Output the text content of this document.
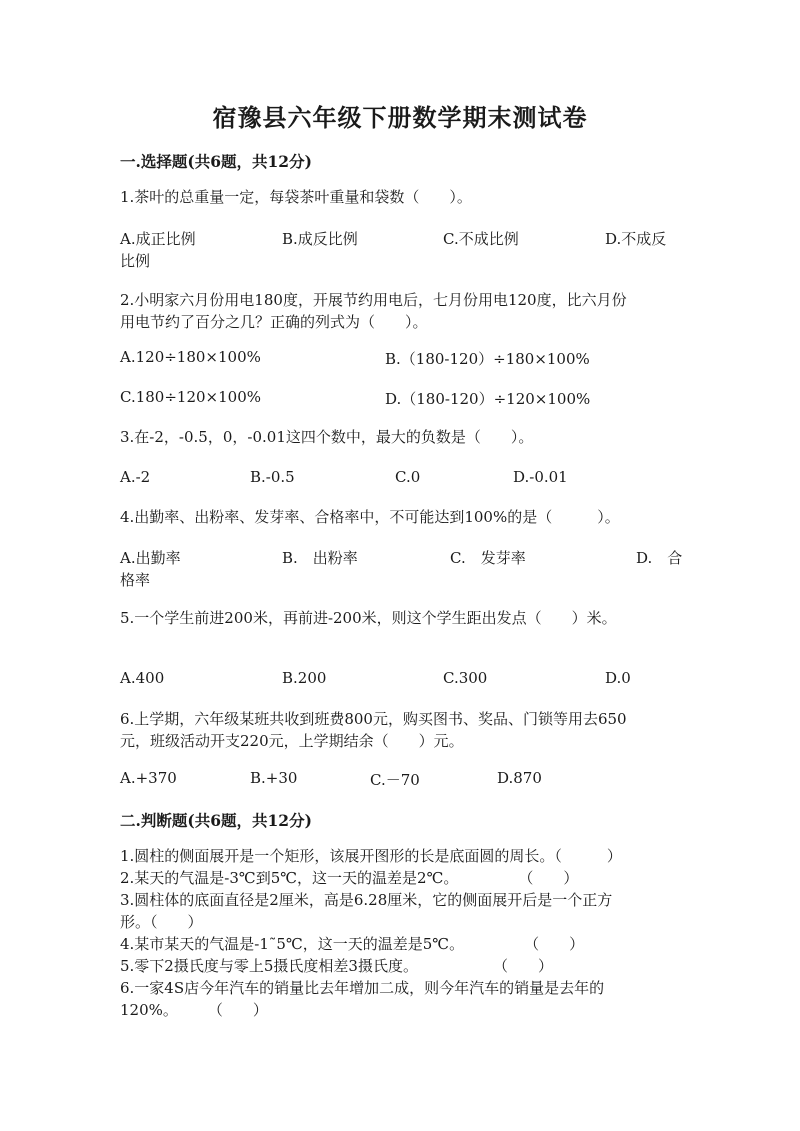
宿豫县六年级下册数学期末测试卷
一.选择题(共6题，共12分)
1.茶叶的总重量一定，每袋茶叶重量和袋数（　　）。
A.成正比例	B.成反比例	C.不成比例	D.不成反
比例
2.小明家六月份用电180度，开展节约用电后，七月份用电120度，比六月份
用电节约了百分之几？正确的列式为（　　）。
A.120÷180×100%	B.（180-120）÷180×100%
C.180÷120×100%	D.（180-120）÷120×100%
3.在-2，-0.5，0，-0.01这四个数中，最大的负数是（　　）。
A.-2	B.-0.5	C.0	D.-0.01
4.出勤率、出粉率、发芽率、合格率中，不可能达到100%的是（　　　）。
A.出勤率	B.　出粉率	C.　发芽率	D.　合
格率
5.一个学生前进200米，再前进-200米，则这个学生距出发点（　　）米。
A.400	B.200	C.300	D.0
6.上学期，六年级某班共收到班费800元，购买图书、奖品、门锁等用去650
元，班级活动开支220元，上学期结余（　　）元。
A.+370	B.+30	C.－70	D.870
二.判断题(共6题，共12分)
1.圆柱的侧面展开是一个矩形，该展开图形的长是底面圆的周长。（　　　）
2.某天的气温是-3℃到5℃，这一天的温差是2℃。　　　　　（　　）
3.圆柱体的底面直径是2厘米，高是6.28厘米，它的侧面展开后是一个正方
形。（　　）
4.某市某天的气温是-1˜5℃，这一天的温差是5℃。　　　　　（　　）
5.零下2摄氏度与零上5摄氏度相差3摄氏度。　　　　　　（　　）
6.一家4S店今年汽车的销量比去年增加二成，则今年汽车的销量是去年的
120%。　　　（　　）
